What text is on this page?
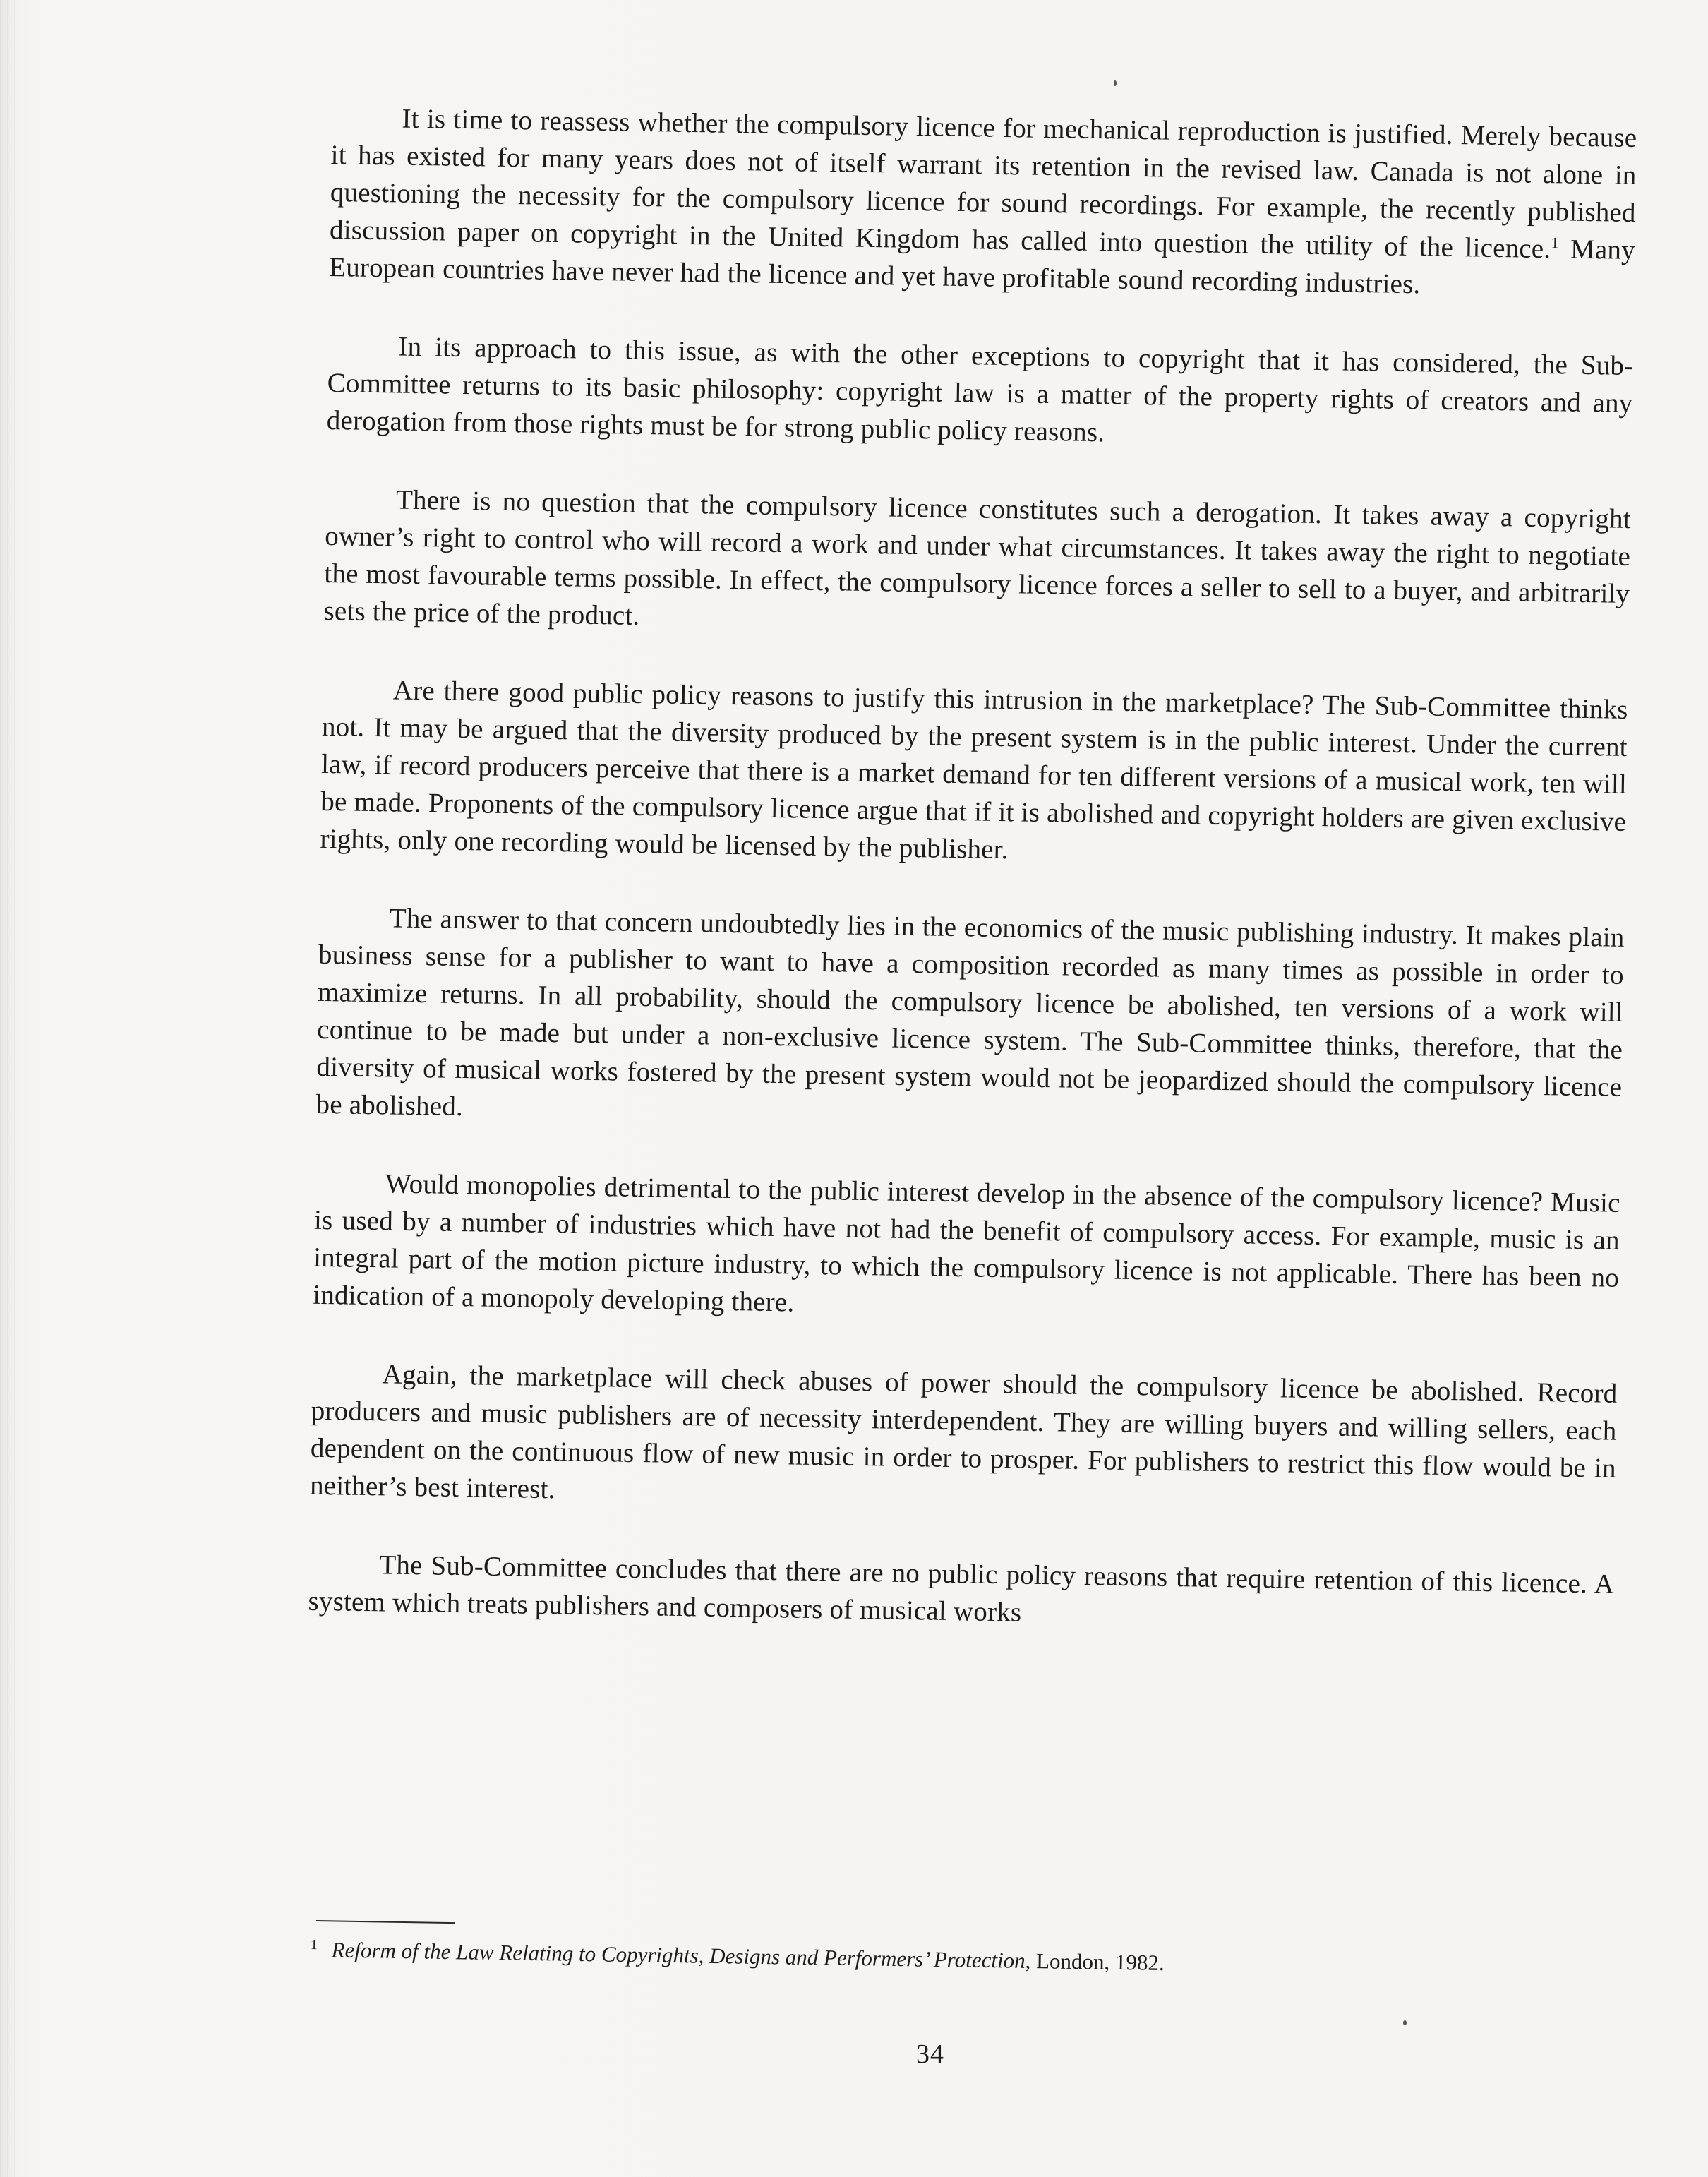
It is time to reassess whether the compulsory licence for mechanical reproduction is justified. Merely because it has existed for many years does not of itself warrant its retention in the revised law. Canada is not alone in questioning the necessity for the compulsory licence for sound recordings. For example, the recently published discussion paper on copyright in the United Kingdom has called into question the utility of the licence.$^1$ Many European countries have never had the licence and yet have profitable sound recording industries.

In its approach to this issue, as with the other exceptions to copyright that it has considered, the Sub-Committee returns to its basic philosophy: copyright law is a matter of the property rights of creators and any derogation from those rights must be for strong public policy reasons.

There is no question that the compulsory licence constitutes such a derogation. It takes away a copyright owner’s right to control who will record a work and under what circumstances. It takes away the right to negotiate the most favourable terms possible. In effect, the compulsory licence forces a seller to sell to a buyer, and arbitrarily sets the price of the product.

Are there good public policy reasons to justify this intrusion in the marketplace? The Sub-Committee thinks not. It may be argued that the diversity produced by the present system is in the public interest. Under the current law, if record producers perceive that there is a market demand for ten different versions of a musical work, ten will be made. Proponents of the compulsory licence argue that if it is abolished and copyright holders are given exclusive rights, only one recording would be licensed by the publisher.

The answer to that concern undoubtedly lies in the economics of the music publishing industry. It makes plain business sense for a publisher to want to have a composition recorded as many times as possible in order to maximize returns. In all probability, should the compulsory licence be abolished, ten versions of a work will continue to be made but under a non-exclusive licence system. The Sub-Committee thinks, therefore, that the diversity of musical works fostered by the present system would not be jeopardized should the compulsory licence be abolished.

Would monopolies detrimental to the public interest develop in the absence of the compulsory licence? Music is used by a number of industries which have not had the benefit of compulsory access. For example, music is an integral part of the motion picture industry, to which the compulsory licence is not applicable. There has been no indication of a monopoly developing there.

Again, the marketplace will check abuses of power should the compulsory licence be abolished. Record producers and music publishers are of necessity interdependent. They are willing buyers and willing sellers, each dependent on the continuous flow of new music in order to prosper. For publishers to restrict this flow would be in neither’s best interest.

The Sub-Committee concludes that there are no public policy reasons that require retention of this licence. A system which treats publishers and composers of musical works

$^1$ Reform of the Law Relating to Copyrights, Designs and Performers’ Protection, London, 1982.
34
